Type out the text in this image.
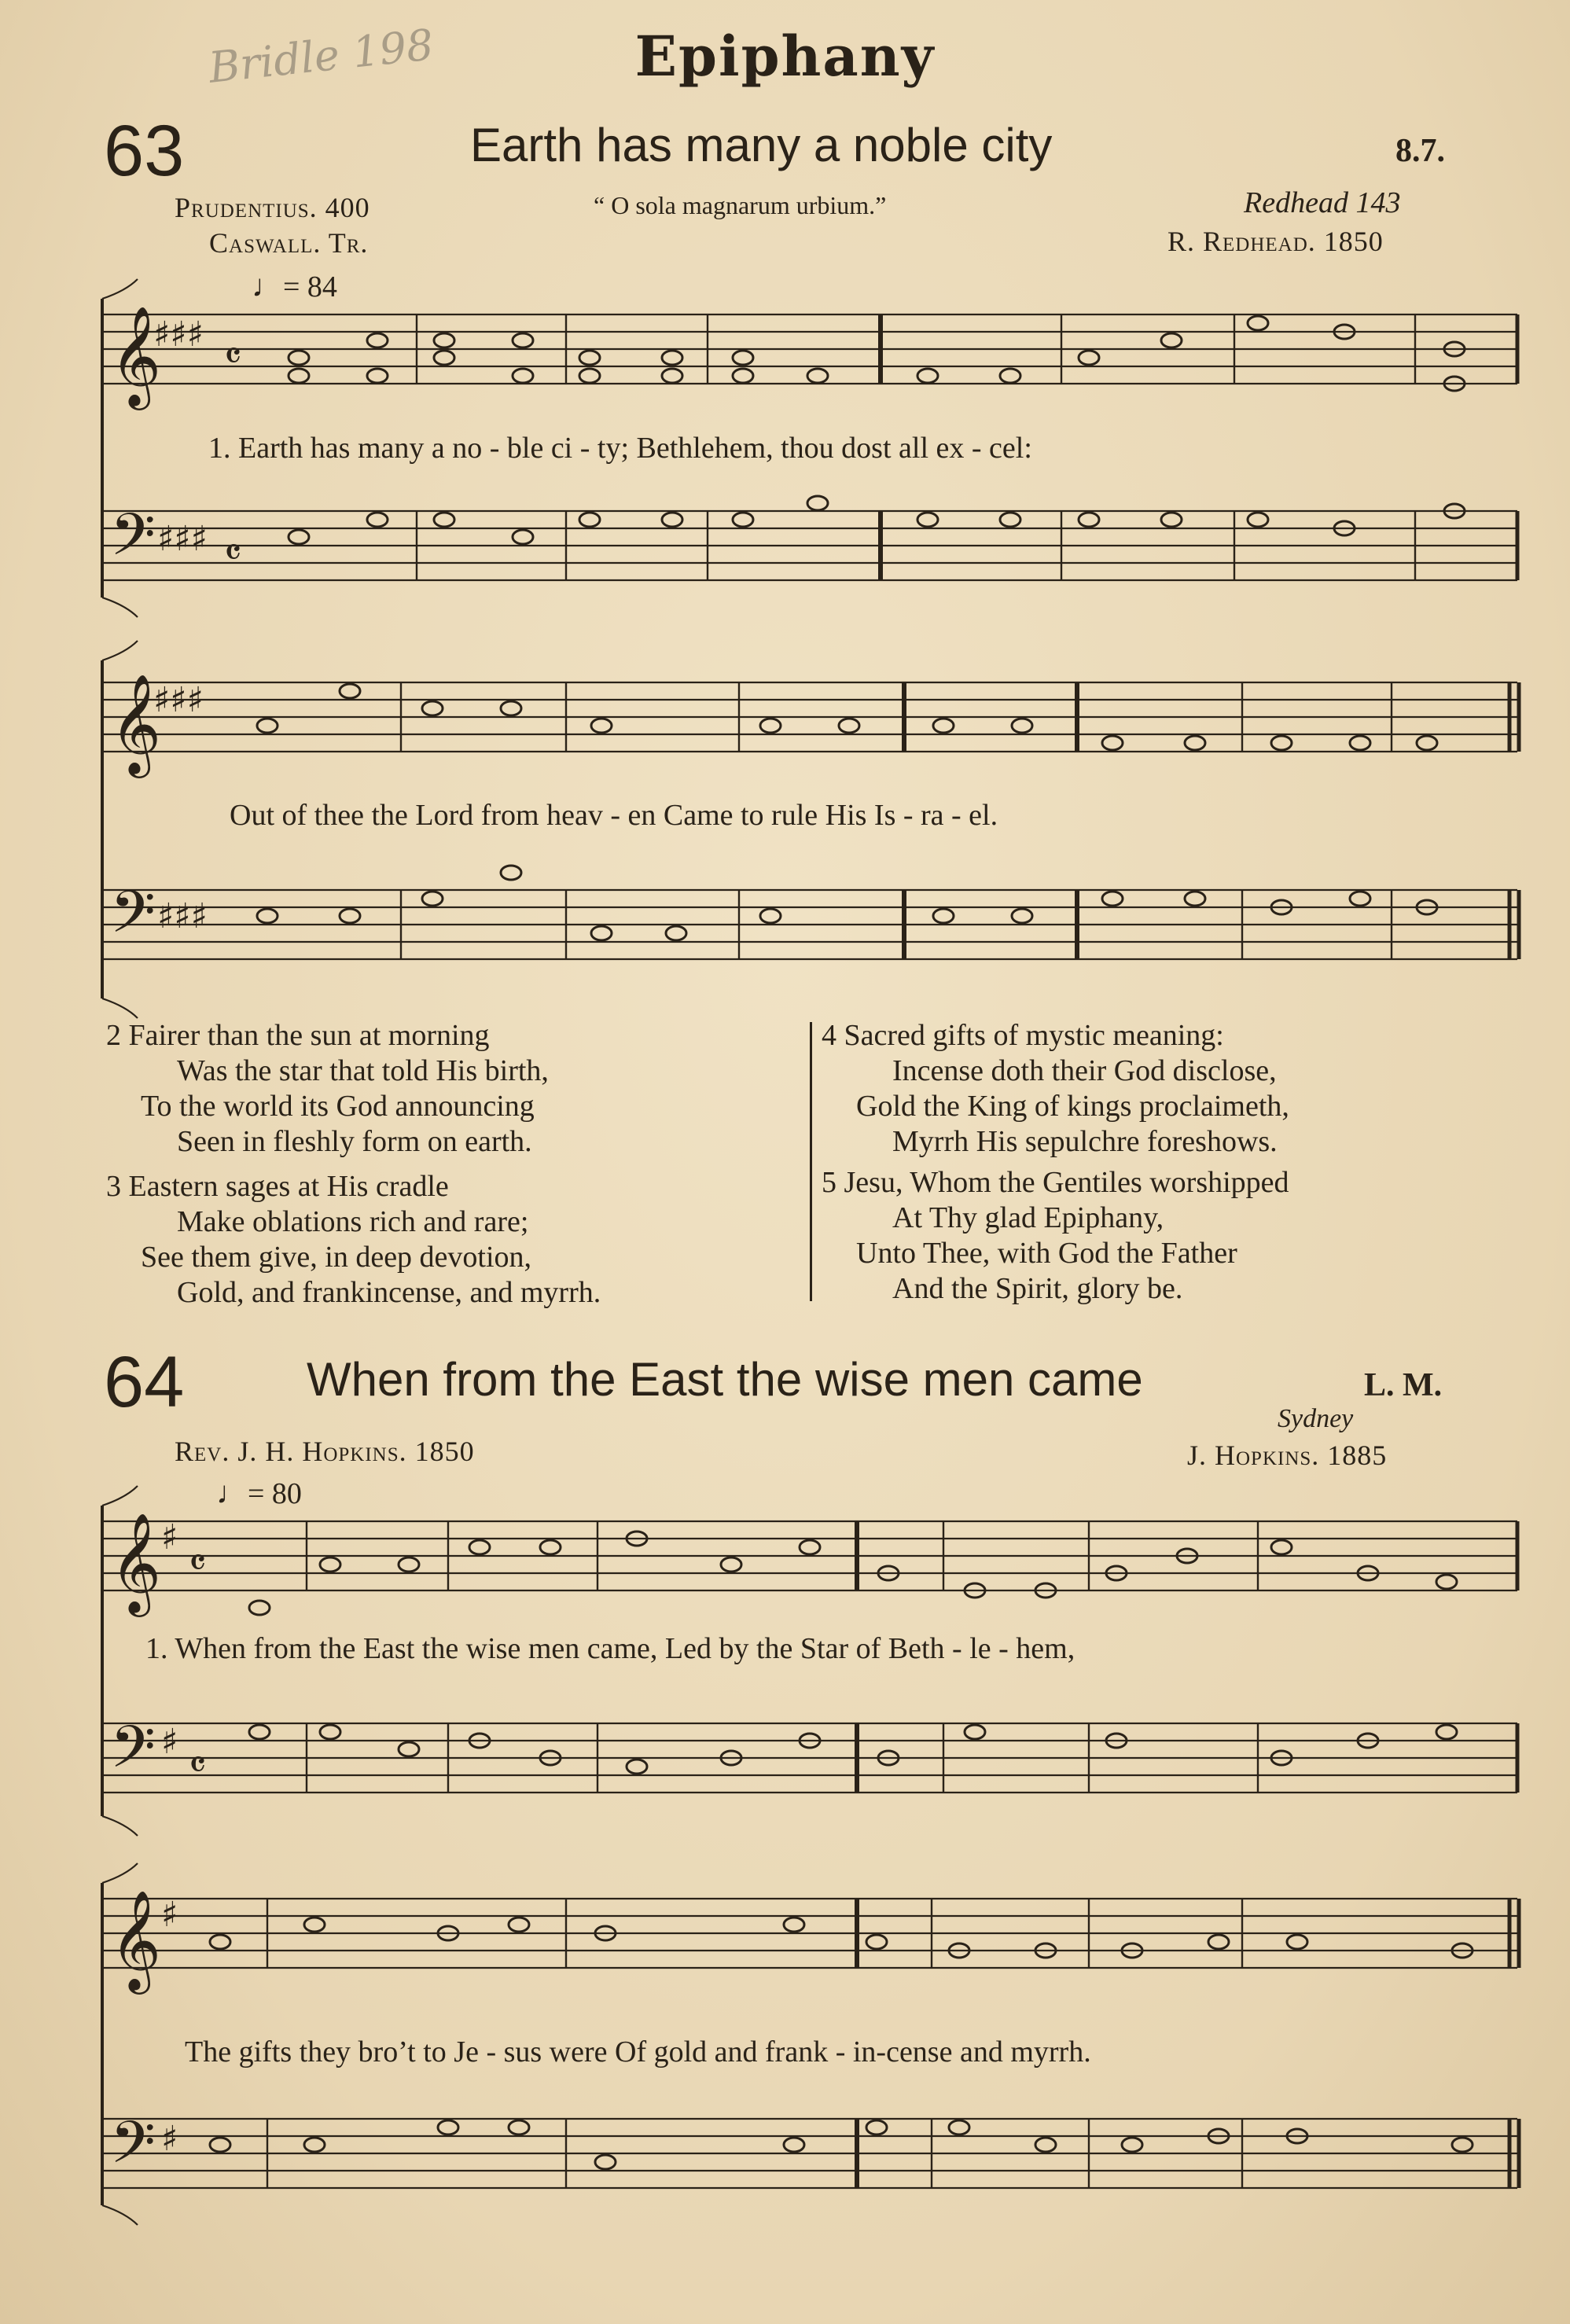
Epiphany
Bridle 198
63	Earth has many a noble city	8.7.
Prudentius. 400
Caswall. Tr.
“ O sola magnarum urbium.”	Redhead 143
R. Redhead. 1850
♩= 84
𝄞
♯♯♯ 𝄴
𝄢 ♯♯♯ 𝄴
𝄞
♯♯♯
𝄢 ♯♯♯
1. Earth has many a no - ble ci - ty; Bethlehem, thou dost all ex - cel:
Out of thee the Lord from heav - en Came to rule His Is - ra - el.
2 Fairer than the sun at morning
Was the star that told His birth,
To the world its God announcing
Seen in fleshly form on earth.
3 Eastern sages at His cradle
Make oblations rich and rare;
See them give, in deep devotion,
Gold, and frankincense, and myrrh.
4 Sacred gifts of mystic meaning:
Incense doth their God disclose,
Gold the King of kings proclaimeth,
Myrrh His sepulchre foreshows.
5 Jesu, Whom the Gentiles worshipped
At Thy glad Epiphany,
Unto Thee, with God the Father
And the Spirit, glory be.
64	When from the East the wise men came	L. M.
Sydney
Rev. J. H. Hopkins. 1850	J. Hopkins. 1885
♩= 80
𝄞 ♯
𝄴
𝄢 ♯
𝄴
𝄞 ♯
𝄢 ♯
1. When from the East the wise men came, Led by the Star of Beth - le - hem,
The gifts they bro’t to Je - sus were Of gold and frank - in-cense and myrrh.
